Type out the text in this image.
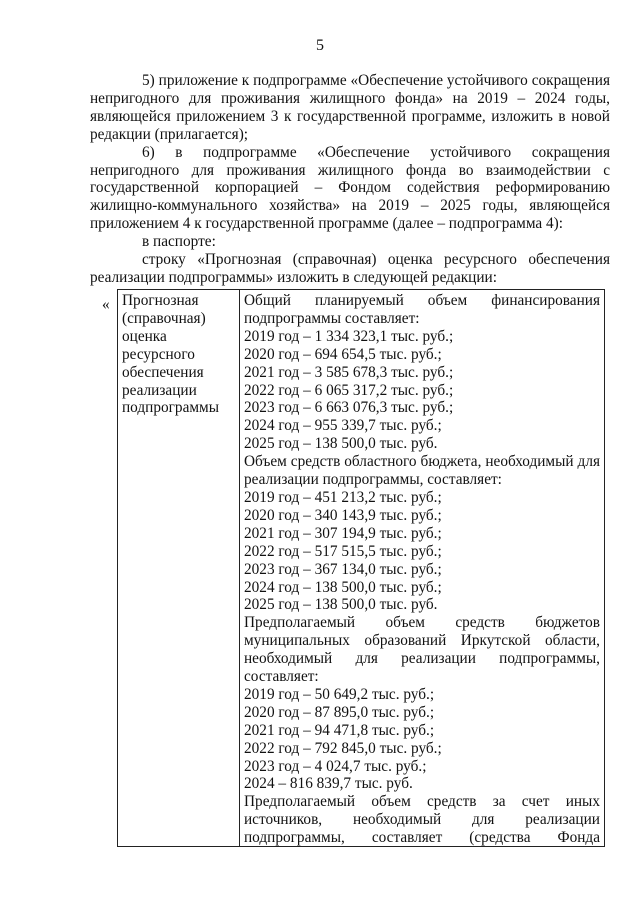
5

5) приложение к подпрограмме «Обеспечение устойчивого сокращения непригодного для проживания жилищного фонда» на 2019 – 2024 годы, являющейся приложением 3 к государственной программе, изложить в новой редакции (прилагается);

6) в подпрограмме «Обеспечение устойчивого сокращения непригодного для проживания жилищного фонда во взаимодействии с государственной корпорацией – Фондом содействия реформированию жилищно-коммунального хозяйства» на 2019 – 2025 годы, являющейся приложением 4 к государственной программе (далее – подпрограмма 4):

в паспорте:

строку «Прогнозная (справочная) оценка ресурсного обеспечения реализации подпрограммы» изложить в следующей редакции:

« Прогнозная
(справочная)
оценка
ресурсного
обеспечения
реализации
подпрограммы
Общий планируемый объем финансирования
подпрограммы составляет:
2019 год – 1 334 323,1 тыс. руб.;
2020 год – 694 654,5 тыс. руб.;
2021 год – 3 585 678,3 тыс. руб.;
2022 год – 6 065 317,2 тыс. руб.;
2023 год – 6 663 076,3 тыс. руб.;
2024 год – 955 339,7 тыс. руб.;
2025 год – 138 500,0 тыс. руб.
Объем средств областного бюджета, необходимый для
реализации подпрограммы, составляет:
2019 год – 451 213,2 тыс. руб.;
2020 год – 340 143,9 тыс. руб.;
2021 год – 307 194,9 тыс. руб.;
2022 год – 517 515,5 тыс. руб.;
2023 год – 367 134,0 тыс. руб.;
2024 год – 138 500,0 тыс. руб.;
2025 год – 138 500,0 тыс. руб.
Предполагаемый объем средств бюджетов
муниципальных образований Иркутской области,
необходимый для реализации подпрограммы,
составляет:
2019 год – 50 649,2 тыс. руб.;
2020 год – 87 895,0 тыс. руб.;
2021 год – 94 471,8 тыс. руб.;
2022 год – 792 845,0 тыс. руб.;
2023 год – 4 024,7 тыс. руб.;
2024 – 816 839,7 тыс. руб.
Предполагаемый объем средств за счет иных
источников, необходимый для реализации
подпрограммы, составляет (средства Фонда
